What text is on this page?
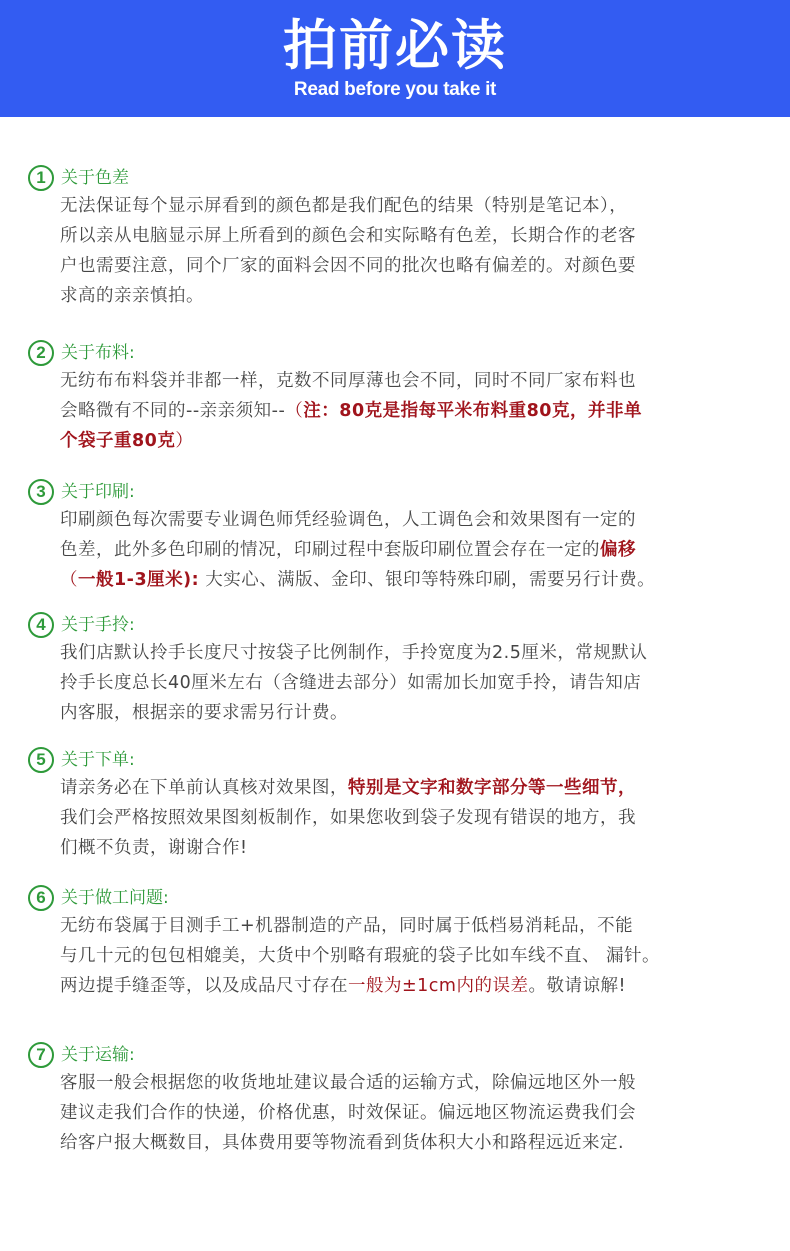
拍前必读
Read before you take it
1 关于色差
无法保证每个显示屏看到的颜色都是我们配色的结果（特别是笔记本），
所以亲从电脑显示屏上所看到的颜色会和实际略有色差，长期合作的老客
户也需要注意，同个厂家的面料会因不同的批次也略有偏差的。对颜色要
求高的亲亲慎拍。
2 关于布料:
无纺布布料袋并非都一样，克数不同厚薄也会不同，同时不同厂家布料也
会略微有不同的--亲亲须知--（注：80克是指每平米布料重80克，并非单
个袋子重80克）
3 关于印刷:
印刷颜色每次需要专业调色师凭经验调色，人工调色会和效果图有一定的
色差，此外多色印刷的情况，印刷过程中套版印刷位置会存在一定的偏移
（一般1-3厘米): 大实心、满版、金印、银印等特殊印刷，需要另行计费。
4 关于手拎:
我们店默认拎手长度尺寸按袋子比例制作，手拎宽度为2.5厘米，常规默认
拎手长度总长40厘米左右（含缝进去部分）如需加长加宽手拎，请告知店
内客服，根据亲的要求需另行计费。
5 关于下单:
请亲务必在下单前认真核对效果图，特别是文字和数字部分等一些细节，
我们会严格按照效果图刻板制作，如果您收到袋子发现有错误的地方，我
们概不负责，谢谢合作!
6 关于做工问题:
无纺布袋属于目测手工+机器制造的产品，同时属于低档易消耗品，不能
与几十元的包包相媲美，大货中个别略有瑕疵的袋子比如车线不直、 漏针。
两边提手缝歪等，以及成品尺寸存在一般为±1cm内的误差。敬请谅解!
7 关于运输:
客服一般会根据您的收货地址建议最合适的运输方式，除偏远地区外一般
建议走我们合作的快递，价格优惠，时效保证。偏远地区物流运费我们会
给客户报大概数目，具体费用要等物流看到货体积大小和路程远近来定.
